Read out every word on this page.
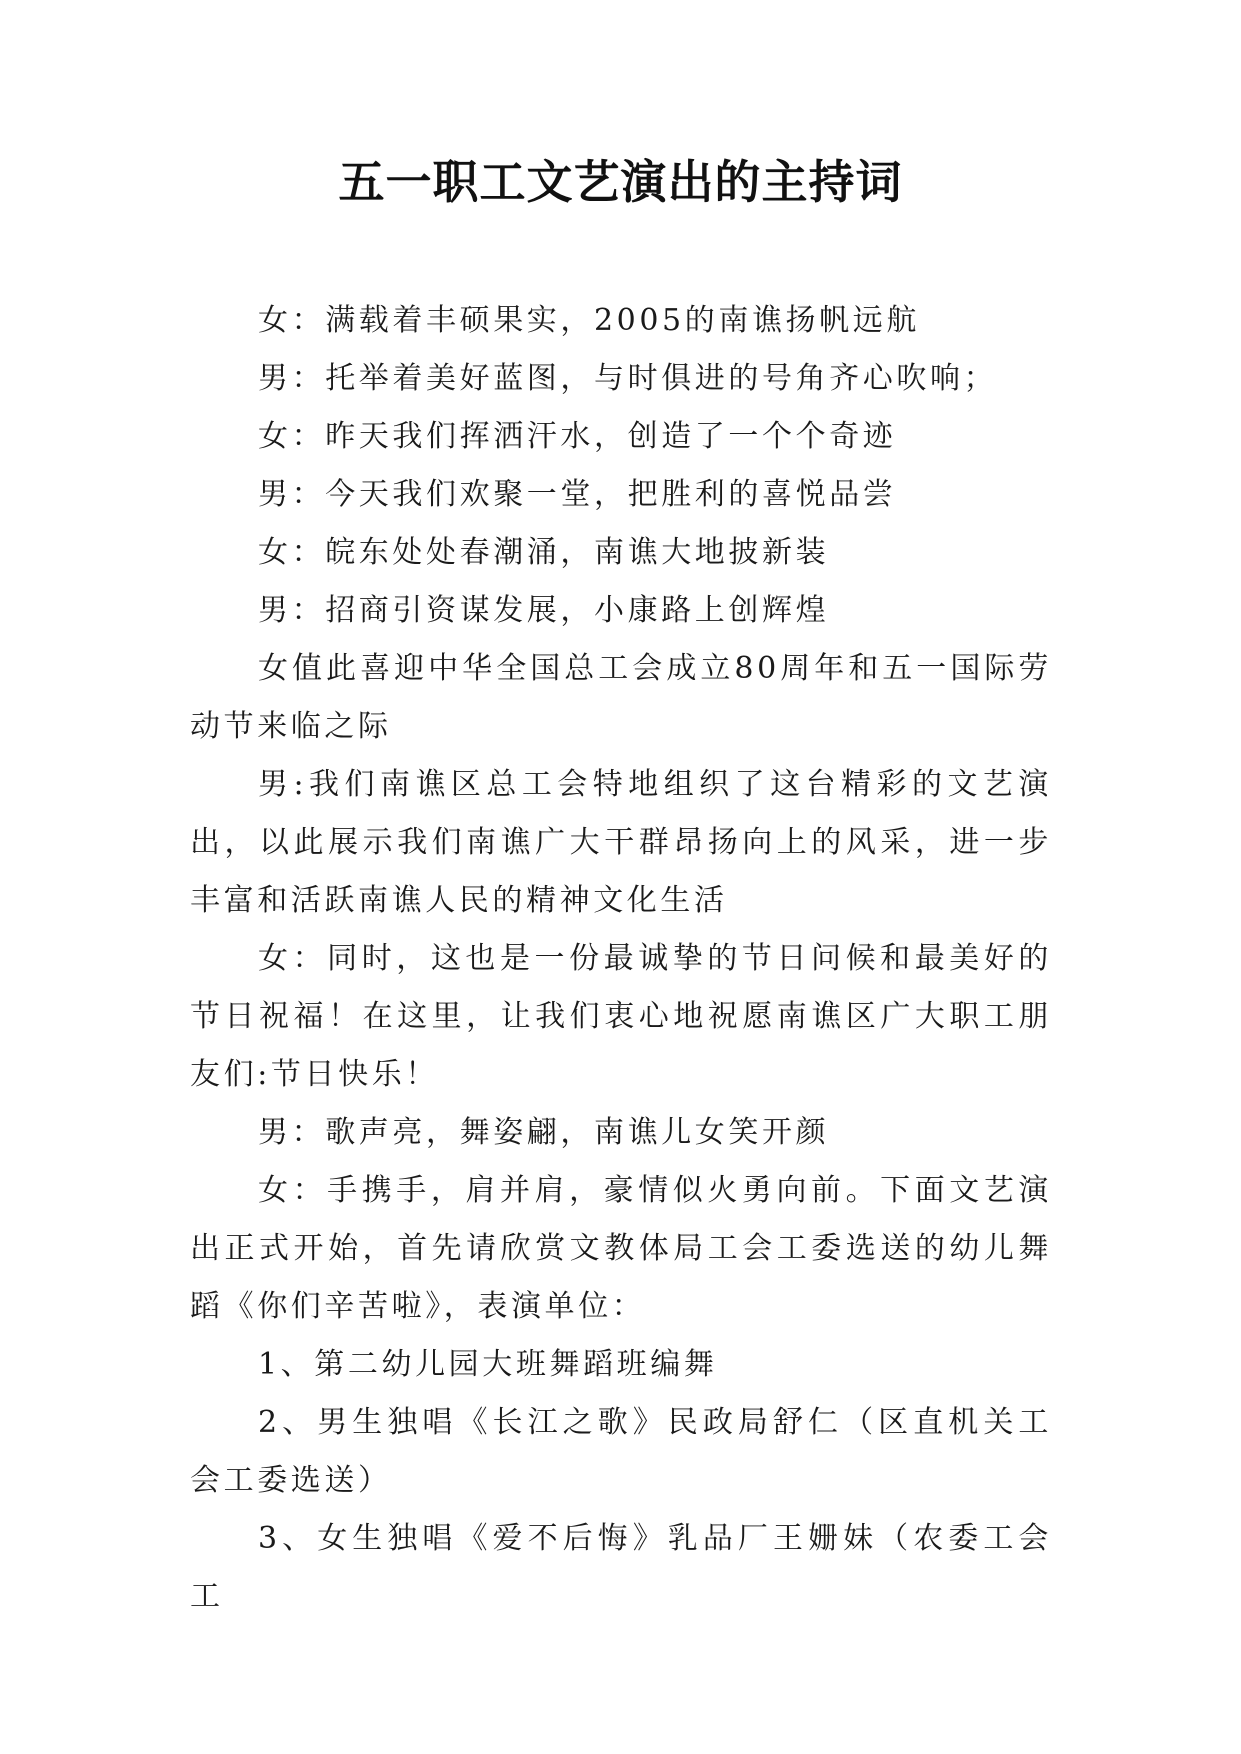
五一职工文艺演出的主持词

女：满载着丰硕果实，2005的南谯扬帆远航

男：托举着美好蓝图，与时俱进的号角齐心吹响；

女：昨天我们挥洒汗水，创造了一个个奇迹

男：今天我们欢聚一堂，把胜利的喜悦品尝

女：皖东处处春潮涌，南谯大地披新装

男：招商引资谋发展，小康路上创辉煌

女值此喜迎中华全国总工会成立80周年和五一国际劳动节来临之际

男:我们南谯区总工会特地组织了这台精彩的文艺演出，以此展示我们南谯广大干群昂扬向上的风采，进一步丰富和活跃南谯人民的精神文化生活

女：同时，这也是一份最诚挚的节日问候和最美好的节日祝福！在这里，让我们衷心地祝愿南谯区广大职工朋友们:节日快乐！

男：歌声亮，舞姿翩，南谯儿女笑开颜

女：手携手，肩并肩，豪情似火勇向前。下面文艺演出正式开始，首先请欣赏文教体局工会工委选送的幼儿舞蹈《你们辛苦啦》，表演单位：

1、第二幼儿园大班舞蹈班编舞

2、男生独唱《长江之歌》民政局舒仁（区直机关工会工委选送）

3、女生独唱《爱不后悔》乳品厂王姗妹（农委工会工
